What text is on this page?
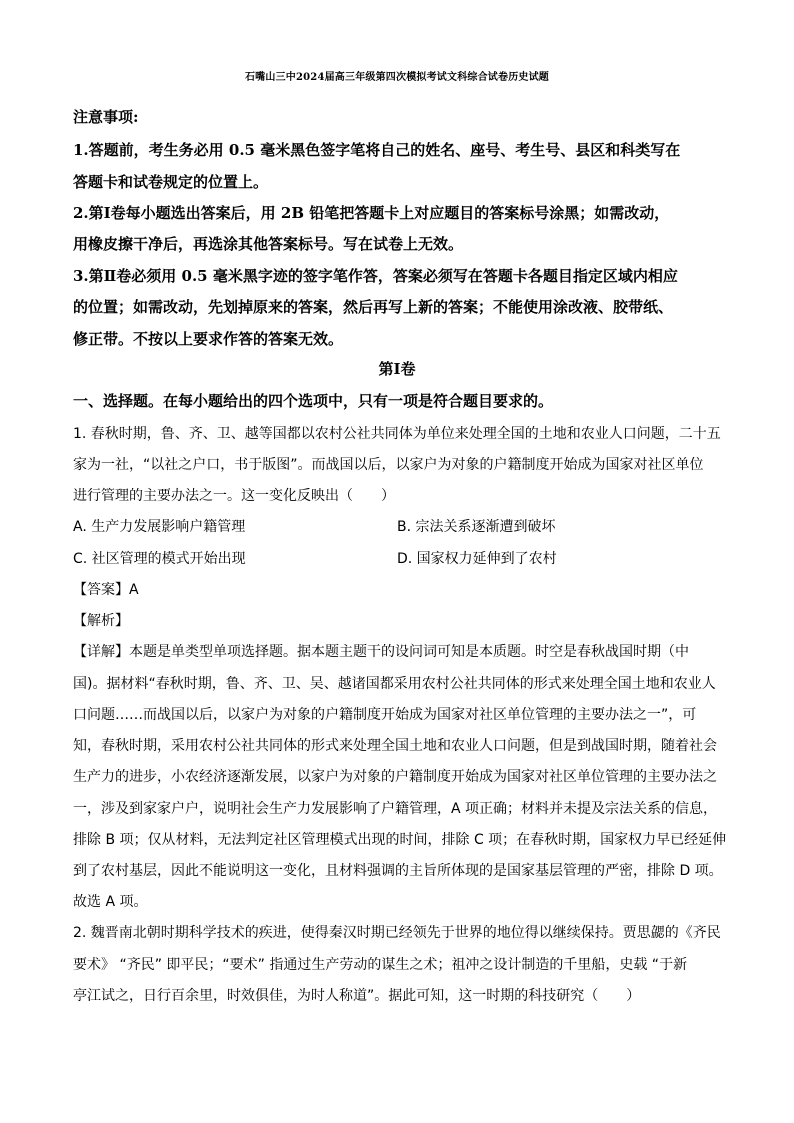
石嘴山三中2024届高三年级第四次模拟考试文科综合试卷历史试题
注意事项:
1.答题前，考生务必用 0.5 毫米黑色签字笔将自己的姓名、座号、考生号、县区和科类写在
答题卡和试卷规定的位置上。
2.第Ⅰ卷每小题选出答案后，用 2B 铅笔把答题卡上对应题目的答案标号涂黑；如需改动，
用橡皮擦干净后，再选涂其他答案标号。写在试卷上无效。
3.第Ⅱ卷必须用 0.5 毫米黑字迹的签字笔作答，答案必须写在答题卡各题目指定区域内相应
的位置；如需改动，先划掉原来的答案，然后再写上新的答案；不能使用涂改液、胶带纸、
修正带。不按以上要求作答的答案无效。
第Ⅰ卷
一、选择题。在每小题给出的四个选项中，只有一项是符合题目要求的。
1. 春秋时期，鲁、齐、卫、越等国都以农村公社共同体为单位来处理全国的土地和农业人口问题，二十五
家为一社，“以社之户口，书于版图”。而战国以后，以家户为对象的户籍制度开始成为国家对社区单位
进行管理的主要办法之一。这一变化反映出（　　）
A. 生产力发展影响户籍管理	B. 宗法关系逐渐遭到破坏
C. 社区管理的模式开始出现	D. 国家权力延伸到了农村
【答案】A
【解析】
【详解】本题是单类型单项选择题。据本题主题干的设问词可知是本质题。时空是春秋战国时期（中
国)。据材料“春秋时期，鲁、齐、卫、吴、越诸国都采用农村公社共同体的形式来处理全国土地和农业人
口问题……而战国以后，以家户为对象的户籍制度开始成为国家对社区单位管理的主要办法之一”，可
知，春秋时期，采用农村公社共同体的形式来处理全国土地和农业人口问题，但是到战国时期，随着社会
生产力的进步，小农经济逐渐发展，以家户为对象的户籍制度开始成为国家对社区单位管理的主要办法之
一，涉及到家家户户，说明社会生产力发展影响了户籍管理，A 项正确；材料并未提及宗法关系的信息，
排除 B 项；仅从材料，无法判定社区管理模式出现的时间，排除 C 项；在春秋时期，国家权力早已经延伸
到了农村基层，因此不能说明这一变化，且材料强调的主旨所体现的是国家基层管理的严密，排除 D 项。
故选 A 项。
2. 魏晋南北朝时期科学技术的疾进，使得秦汉时期已经领先于世界的地位得以继续保持。贾思勰的《齐民
要术》 “齐民” 即平民；“要术” 指通过生产劳动的谋生之术；祖冲之设计制造的千里船，史载 “于新
亭江试之，日行百余里，时效俱佳，为时人称道”。据此可知，这一时期的科技研究（　　）
